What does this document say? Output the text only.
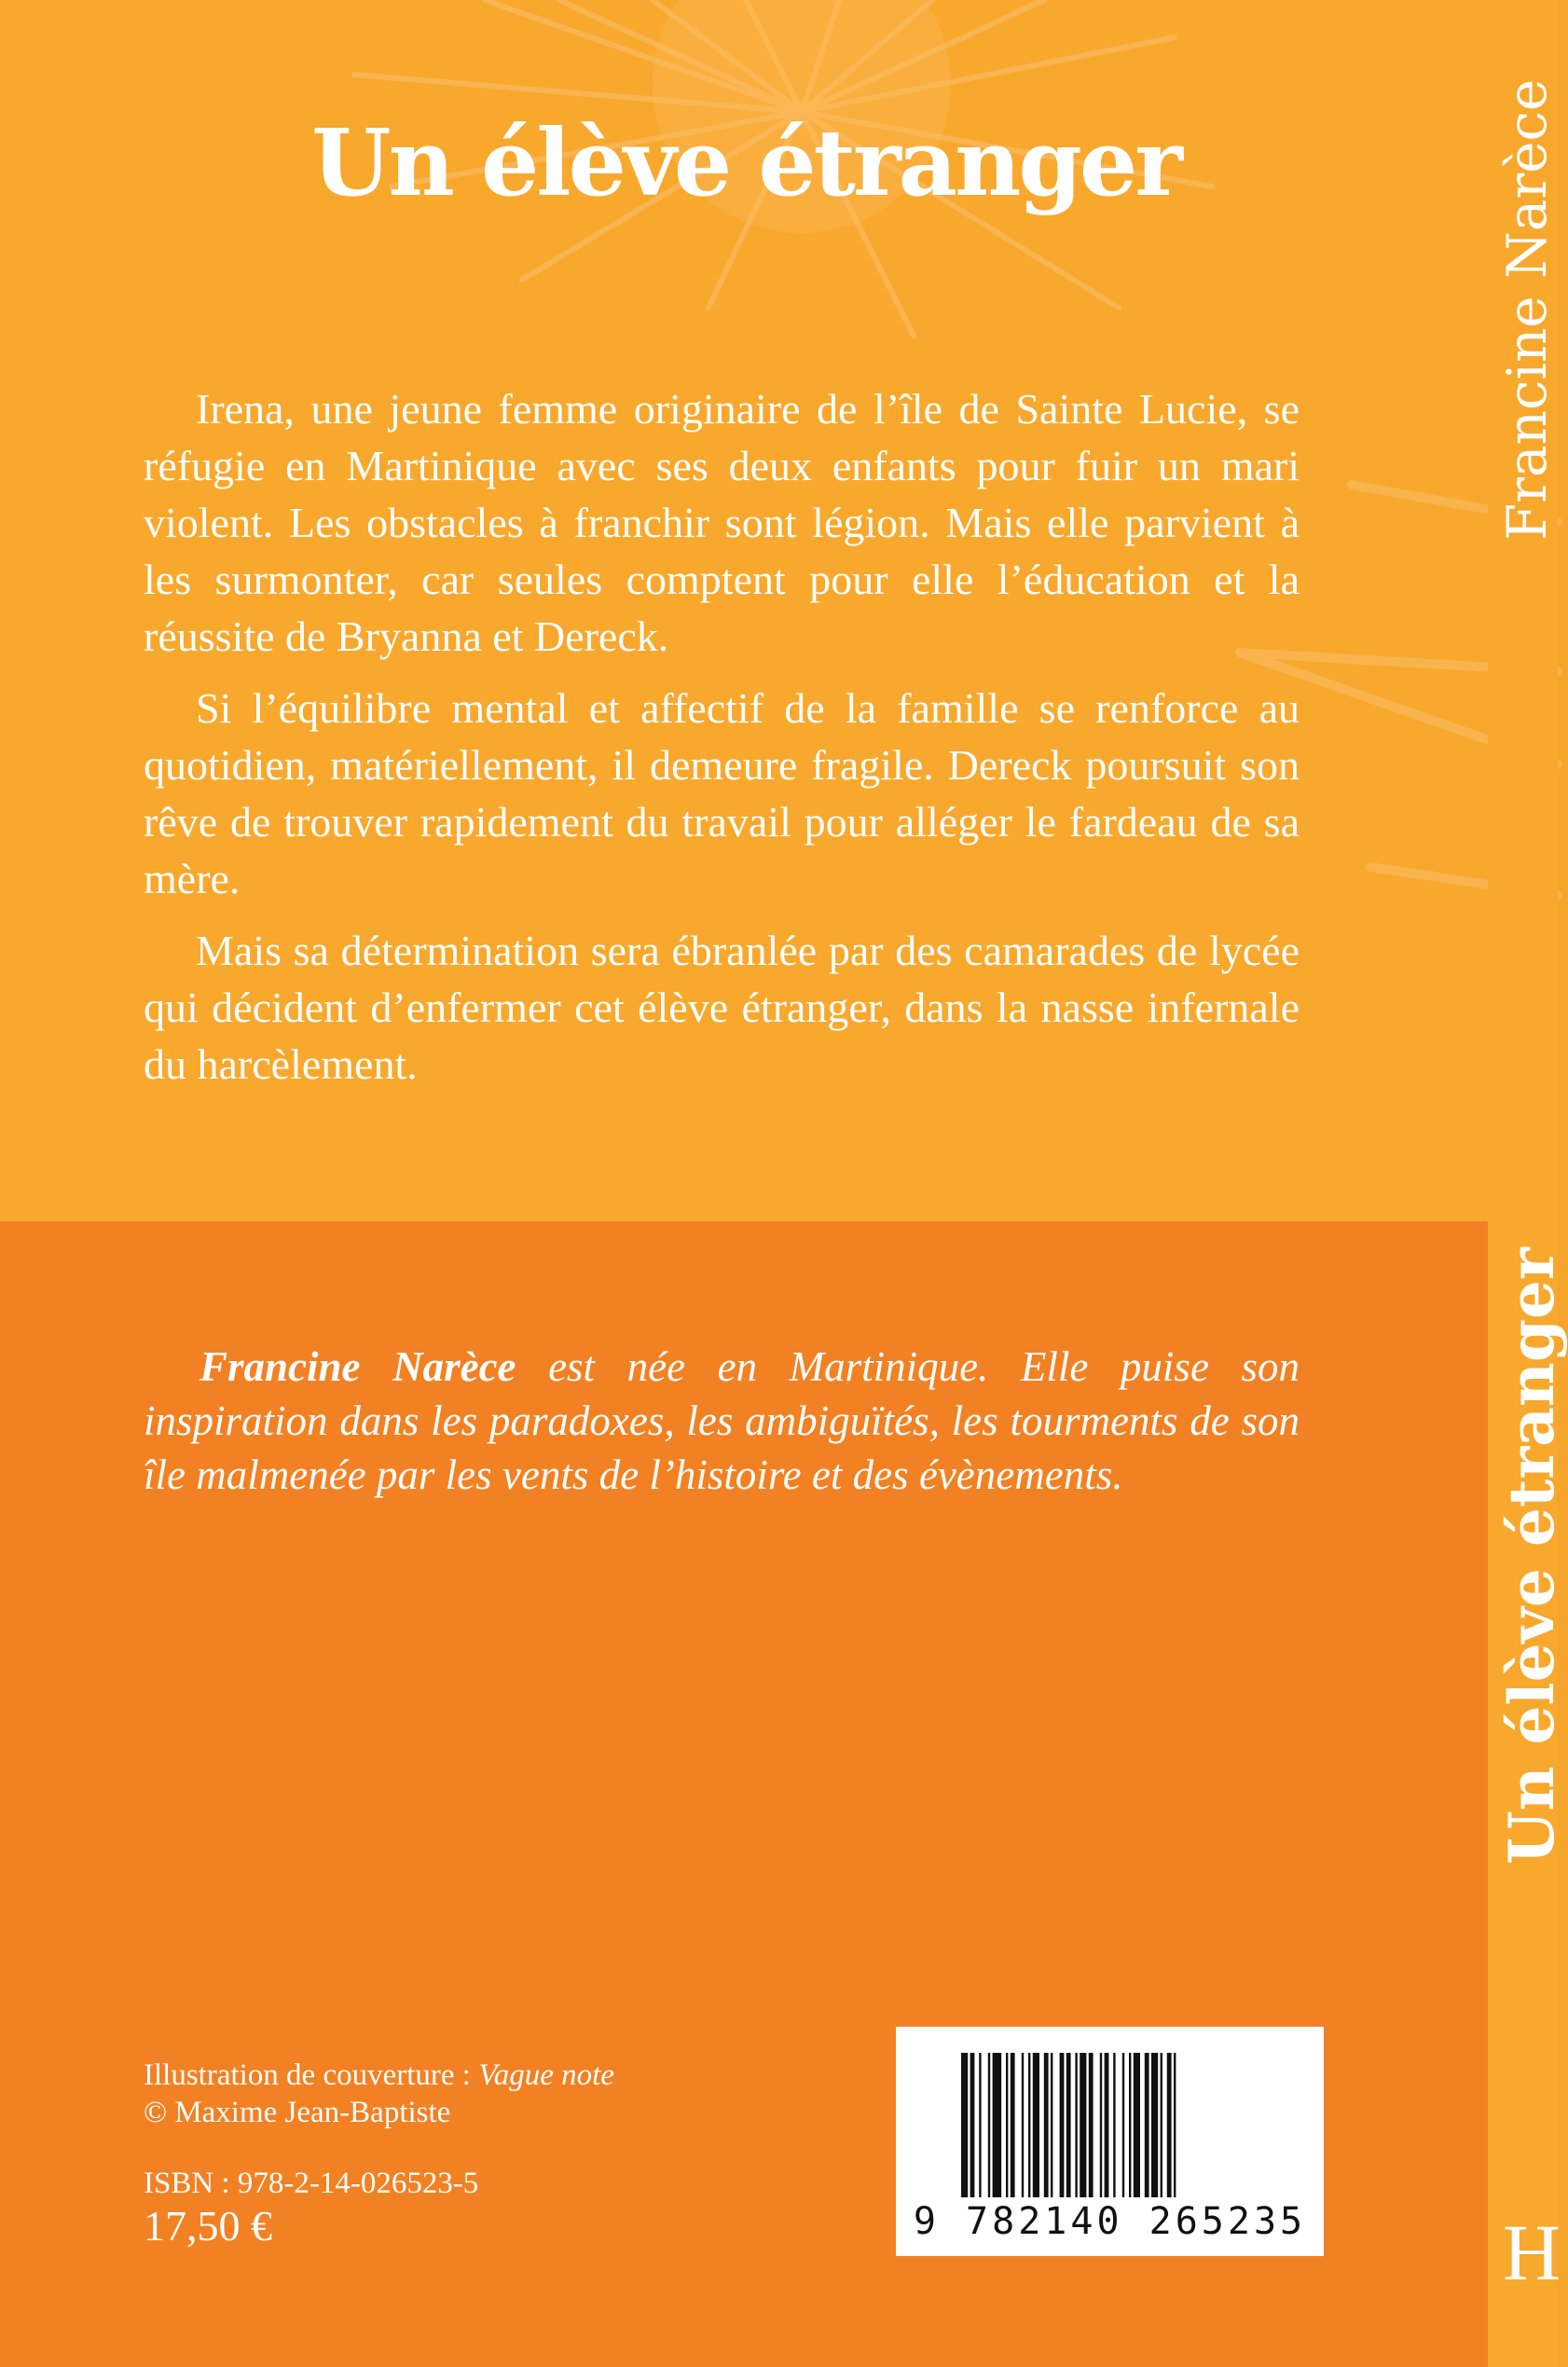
Un élève étranger

Irena, une jeune femme originaire de l’île de Sainte Lucie, se réfugie en Martinique avec ses deux enfants pour fuir un mari violent. Les obstacles à franchir sont légion. Mais elle parvient à les surmonter, car seules comptent pour elle l’éducation et la réussite de Bryanna et Dereck.

Si l’équilibre mental et affectif de la famille se renforce au quotidien, matériellement, il demeure fragile. Dereck poursuit son rêve de trouver rapidement du travail pour alléger le fardeau de sa mère.

Mais sa détermination sera ébranlée par des camarades de lycée qui décident d’enfermer cet élève étranger, dans la nasse infernale du harcèlement.

Francine Narèce est née en Martinique. Elle puise son inspiration dans les paradoxes, les ambiguïtés, les tourments de son île malmenée par les vents de l’histoire et des évènements.

Illustration de couverture : Vague note
© Maxime Jean-Baptiste
ISBN : 978-2-14-026523-5
17,50 €	9 782140 265235
Un élève étranger
Francine Narèce
H
